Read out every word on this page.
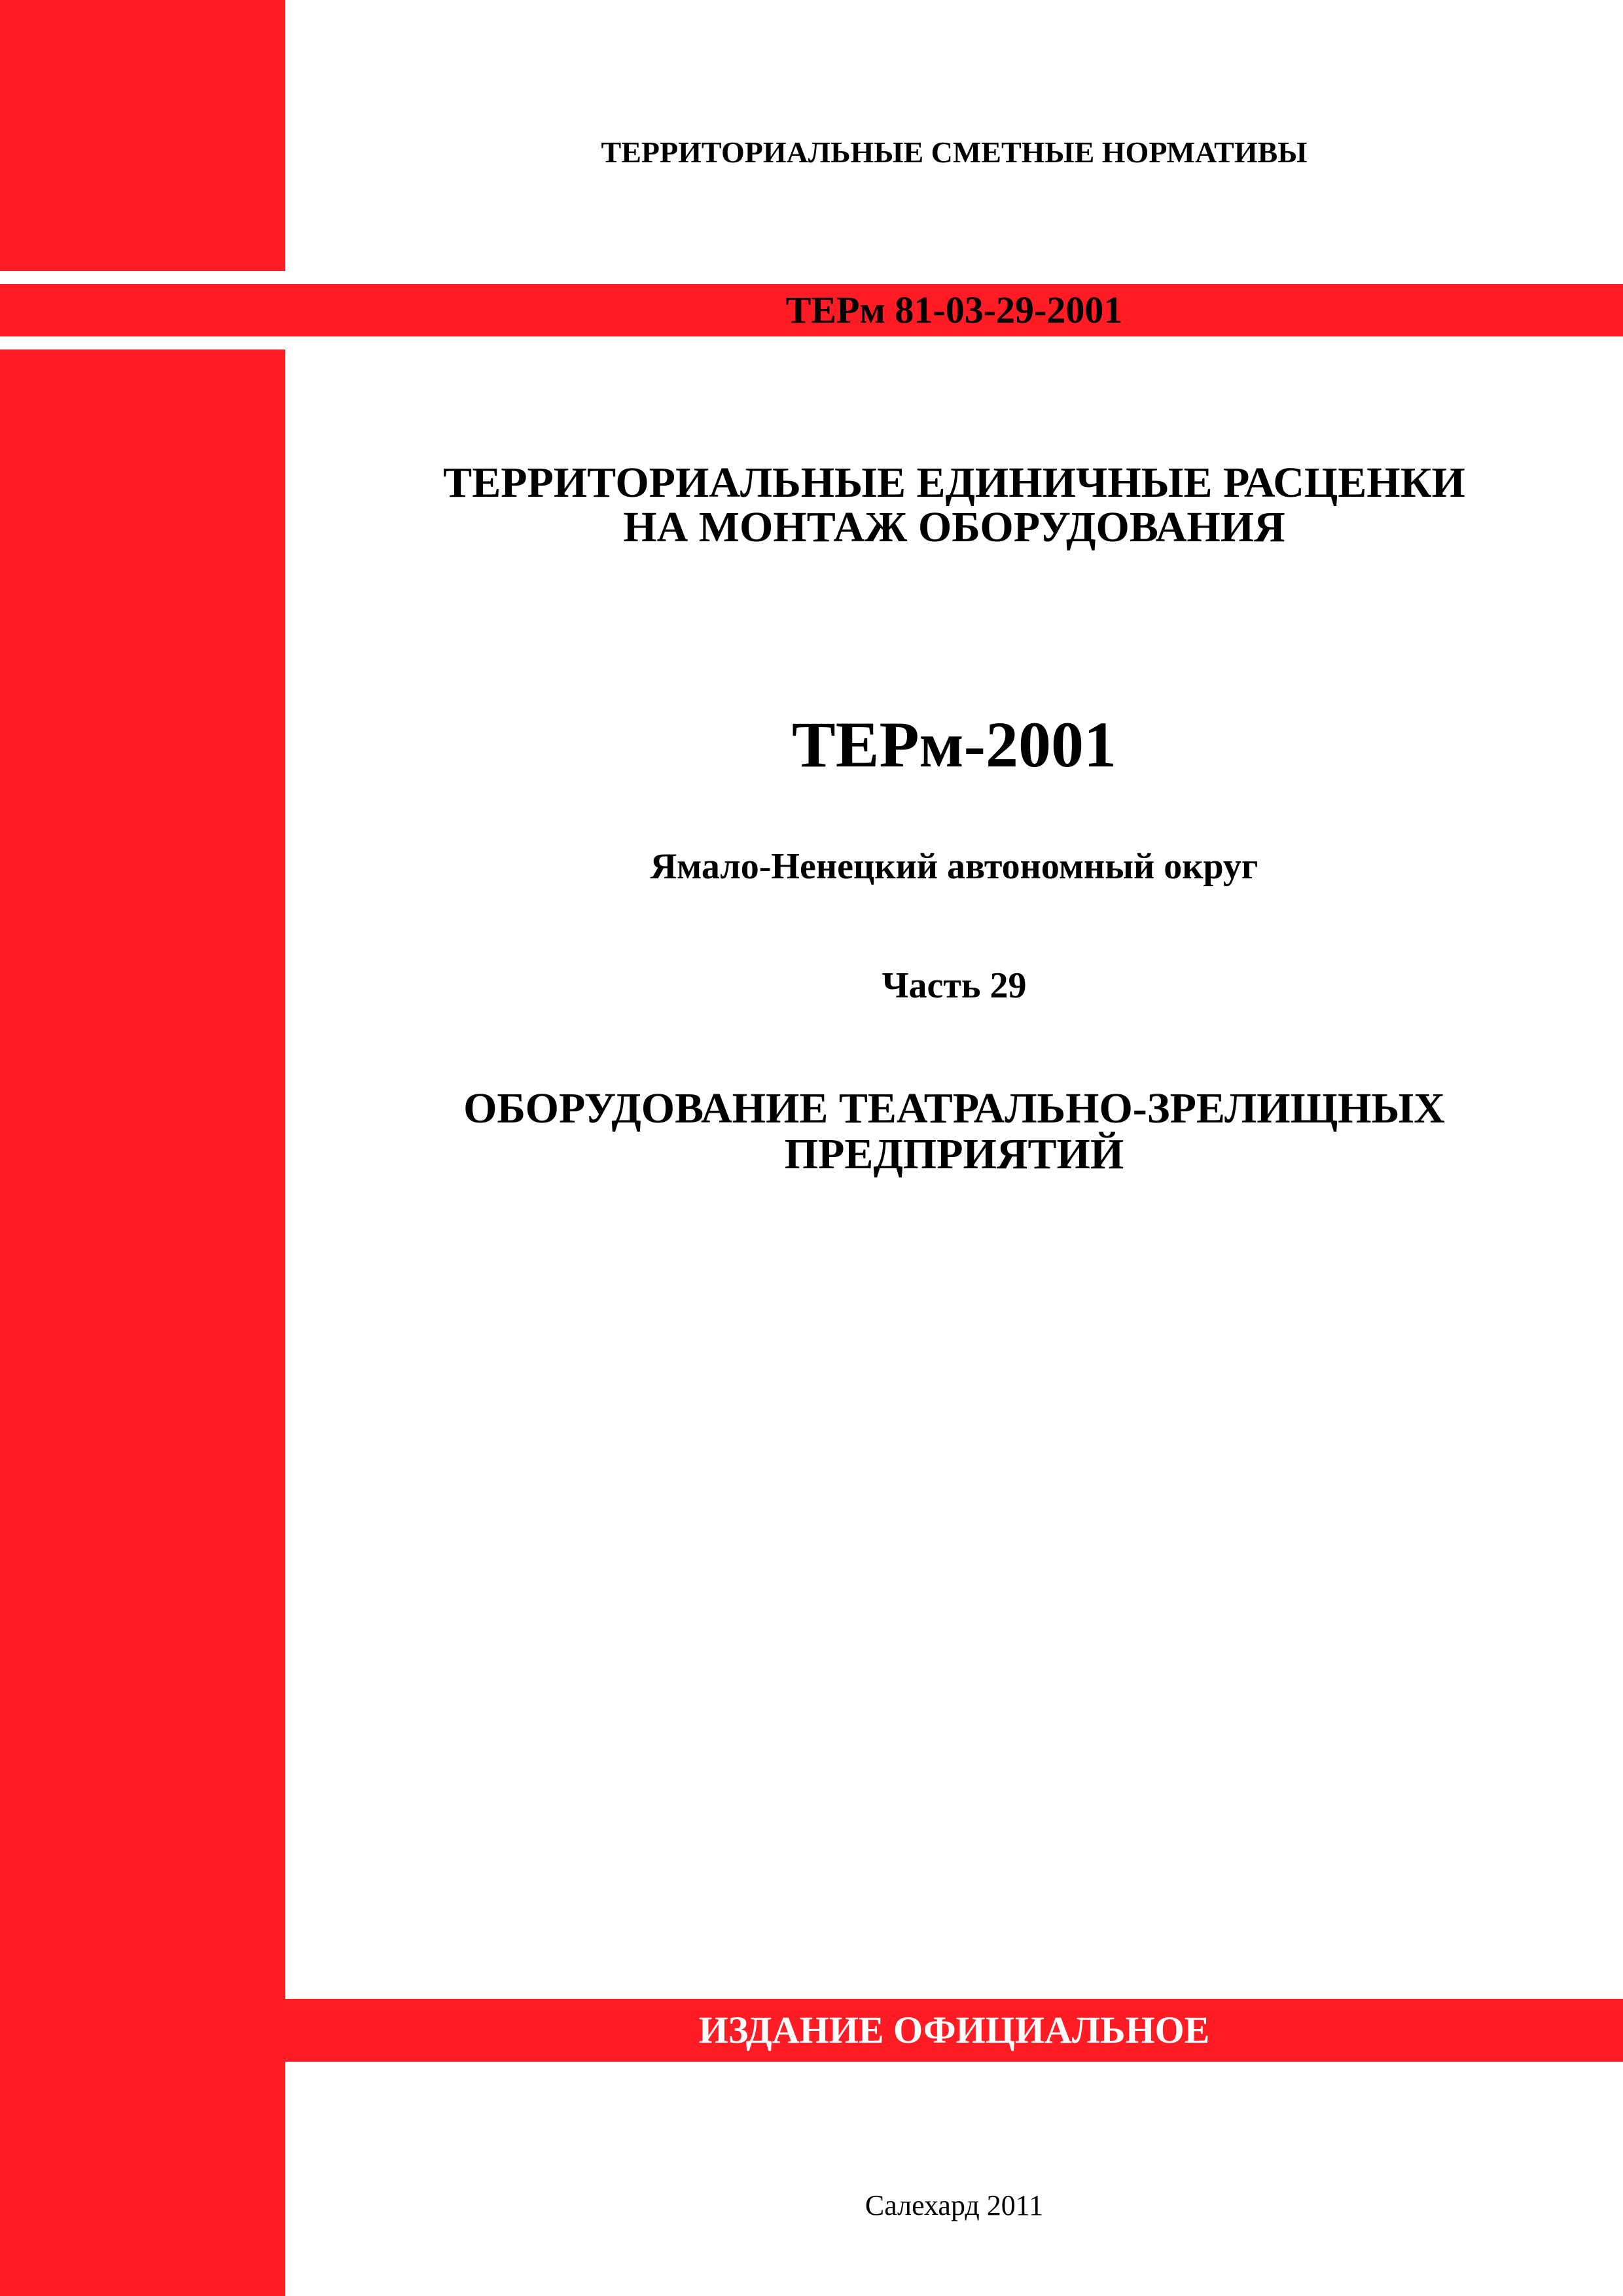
ТЕРРИТОРИАЛЬНЫЕ СМЕТНЫЕ НОРМАТИВЫ
ТЕРм 81-03-29-2001
ТЕРРИТОРИАЛЬНЫЕ ЕДИНИЧНЫЕ РАСЦЕНКИ
НА МОНТАЖ ОБОРУДОВАНИЯ
ТЕРм-2001
Ямало-Ненецкий автономный округ
Часть 29
ОБОРУДОВАНИЕ ТЕАТРАЛЬНО-ЗРЕЛИЩНЫХ
ПРЕДПРИЯТИЙ
ИЗДАНИЕ ОФИЦИАЛЬНОЕ
Салехард 2011
